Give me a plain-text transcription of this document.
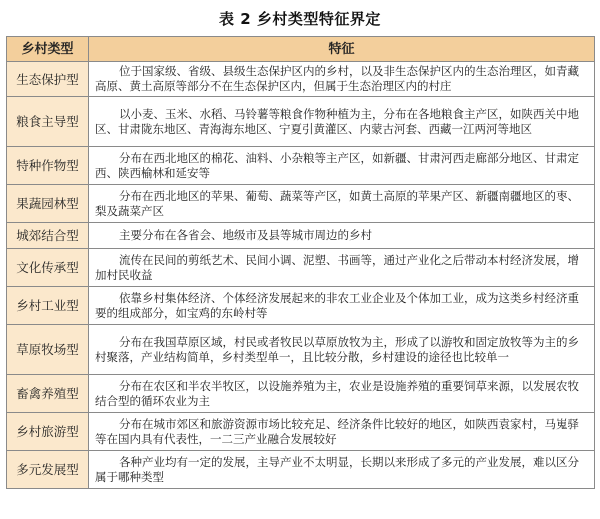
表 2 乡村类型特征界定
乡村类型	特征
生态保护型	位于国家级、省级、县级生态保护区内的乡村，以及非生态保护区内的生态治理区，如青藏高原、黄土高原等部分不在生态保护区内，但属于生态治理区内的村庄
粮食主导型	以小麦、玉米、水稻、马铃薯等粮食作物种植为主，分布在各地粮食主产区，如陕西关中地区、甘肃陇东地区、青海海东地区、宁夏引黄灌区、内蒙古河套、西藏一江两河等地区
特种作物型	分布在西北地区的棉花、油料、小杂粮等主产区，如新疆、甘肃河西走廊部分地区、甘肃定西、陕西榆林和延安等
果蔬园林型	分布在西北地区的苹果、葡萄、蔬菜等产区，如黄土高原的苹果产区、新疆南疆地区的枣、梨及蔬菜产区
城郊结合型	主要分布在各省会、地级市及县等城市周边的乡村
文化传承型	流传在民间的剪纸艺术、民间小调、泥塑、书画等，通过产业化之后带动本村经济发展，增加村民收益
乡村工业型	依靠乡村集体经济、个体经济发展起来的非农工业企业及个体加工业，成为这类乡村经济重要的组成部分，如宝鸡的东岭村等
草原牧场型	分布在我国草原区域，村民或者牧民以草原放牧为主，形成了以游牧和固定放牧等为主的乡村聚落，产业结构简单，乡村类型单一，且比较分散，乡村建设的途径也比较单一
畜禽养殖型	分布在农区和半农半牧区，以设施养殖为主，农业是设施养殖的重要饲草来源，以发展农牧结合型的循环农业为主
乡村旅游型	分布在城市郊区和旅游资源市场比较充足、经济条件比较好的地区，如陕西袁家村，马嵬驿等在国内具有代表性，一二三产业融合发展较好
多元发展型	各种产业均有一定的发展，主导产业不太明显，长期以来形成了多元的产业发展，难以区分属于哪种类型
